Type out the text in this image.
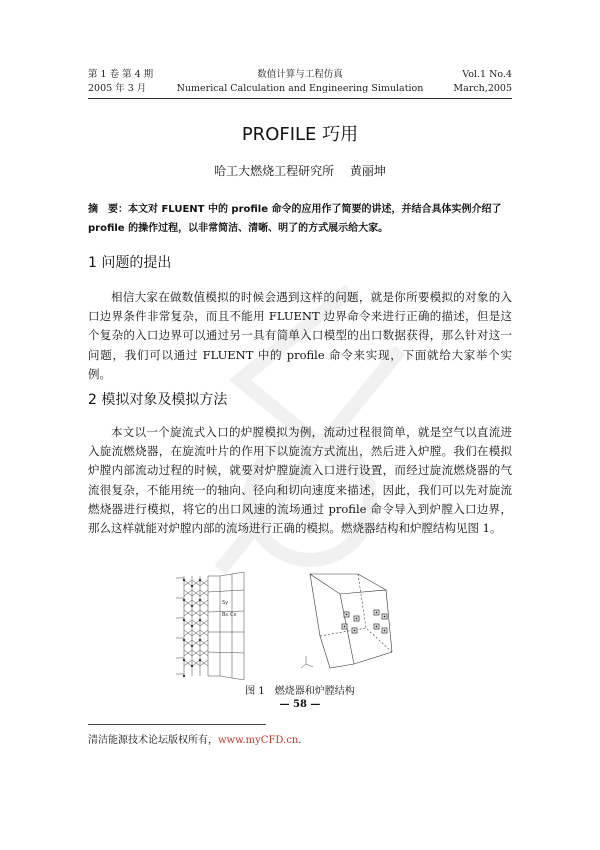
第 1 卷 第 4 期
2005 年 3 月
数值计算与工程仿真
Numerical Calculation and Engineering Simulation
Vol.1 No.4
March,2005
PROFILE 巧用
哈工大燃烧工程研究所　 黄丽坤
摘　要：本文对 FLUENT 中的 profile 命令的应用作了简要的讲述，并结合具体实例介绍了 profile 的操作过程，以非常简洁、清晰、明了的方式展示给大家。
1 问题的提出
相信大家在做数值模拟的时候会遇到这样的问题，就是你所要模拟的对象的入口边界条件非常复杂，而且不能用 FLUENT 边界命令来进行正确的描述，但是这个复杂的入口边界可以通过另一具有简单入口模型的出口数据获得，那么针对这一问题，我们可以通过 FLUENT 中的 profile 命令来实现，下面就给大家举个实例。
2 模拟对象及模拟方法
本文以一个旋流式入口的炉膛模拟为例，流动过程很简单，就是空气以直流进入旋流燃烧器，在旋流叶片的作用下以旋流方式流出，然后进入炉膛。我们在模拟炉膛内部流动过程的时候，就要对炉膛旋流入口进行设置，而经过旋流燃烧器的气流很复杂，不能用统一的轴向、径向和切向速度来描述，因此，我们可以先对旋流燃烧器进行模拟，将它的出口风速的流场通过 profile 命令导入到炉膛入口边界，那么这样就能对炉膛内部的流场进行正确的模拟。燃烧器结构和炉膛结构见图 1。
Sy
Cx
Bs
图 1　燃烧器和炉膛结构
— 58 —
清洁能源技术论坛版权所有，www.myCFD.cn.
